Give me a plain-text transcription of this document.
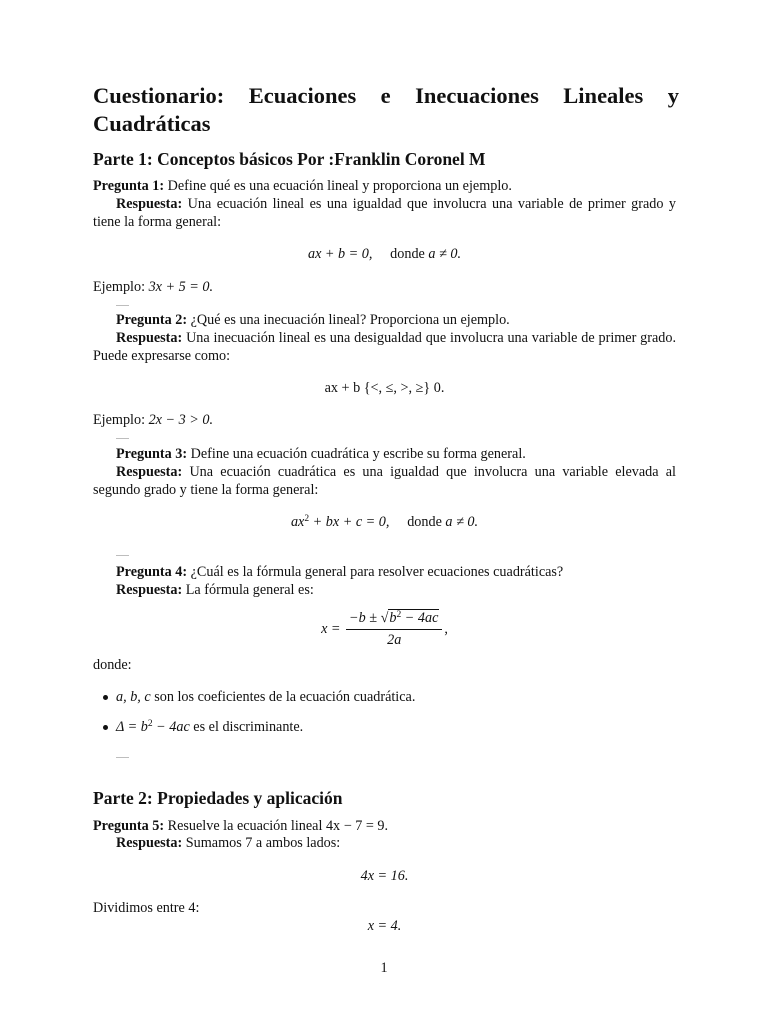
Cuestionario: Ecuaciones e Inecuaciones Lineales y Cuadráticas
Parte 1: Conceptos básicos Por :Franklin Coronel M
Pregunta 1: Define qué es una ecuación lineal y proporciona un ejemplo.
Respuesta: Una ecuación lineal es una igualdad que involucra una variable de primer grado y tiene la forma general:
ax + b = 0, donde a ≠ 0.
Ejemplo: 3x + 5 = 0.
Pregunta 2: ¿Qué es una inecuación lineal? Proporciona un ejemplo.
Respuesta: Una inecuación lineal es una desigualdad que involucra una variable de primer grado. Puede expresarse como:
ax + b {<, ≤, >, ≥} 0.
Ejemplo: 2x − 3 > 0.
Pregunta 3: Define una ecuación cuadrática y escribe su forma general.
Respuesta: Una ecuación cuadrática es una igualdad que involucra una variable elevada al segundo grado y tiene la forma general:
$ax^2$ + bx + c = 0, donde a ≠ 0.
Pregunta 4: ¿Cuál es la fórmula general para resolver ecuaciones cuadráticas?
Respuesta: La fórmula general es:
$x = \frac{-b \pm √b^2 - 4ac}{2a}$ ,
donde:
a, b, c son los coeficientes de la ecuación cuadrática.
$\Delta = b^2 - 4ac$ es el discriminante.
Parte 2: Propiedades y aplicación
Pregunta 5: Resuelve la ecuación lineal 4x − 7 = 9.
Respuesta: Sumamos 7 a ambos lados:
4x = 16.
Dividimos entre 4:
x = 4.
1
